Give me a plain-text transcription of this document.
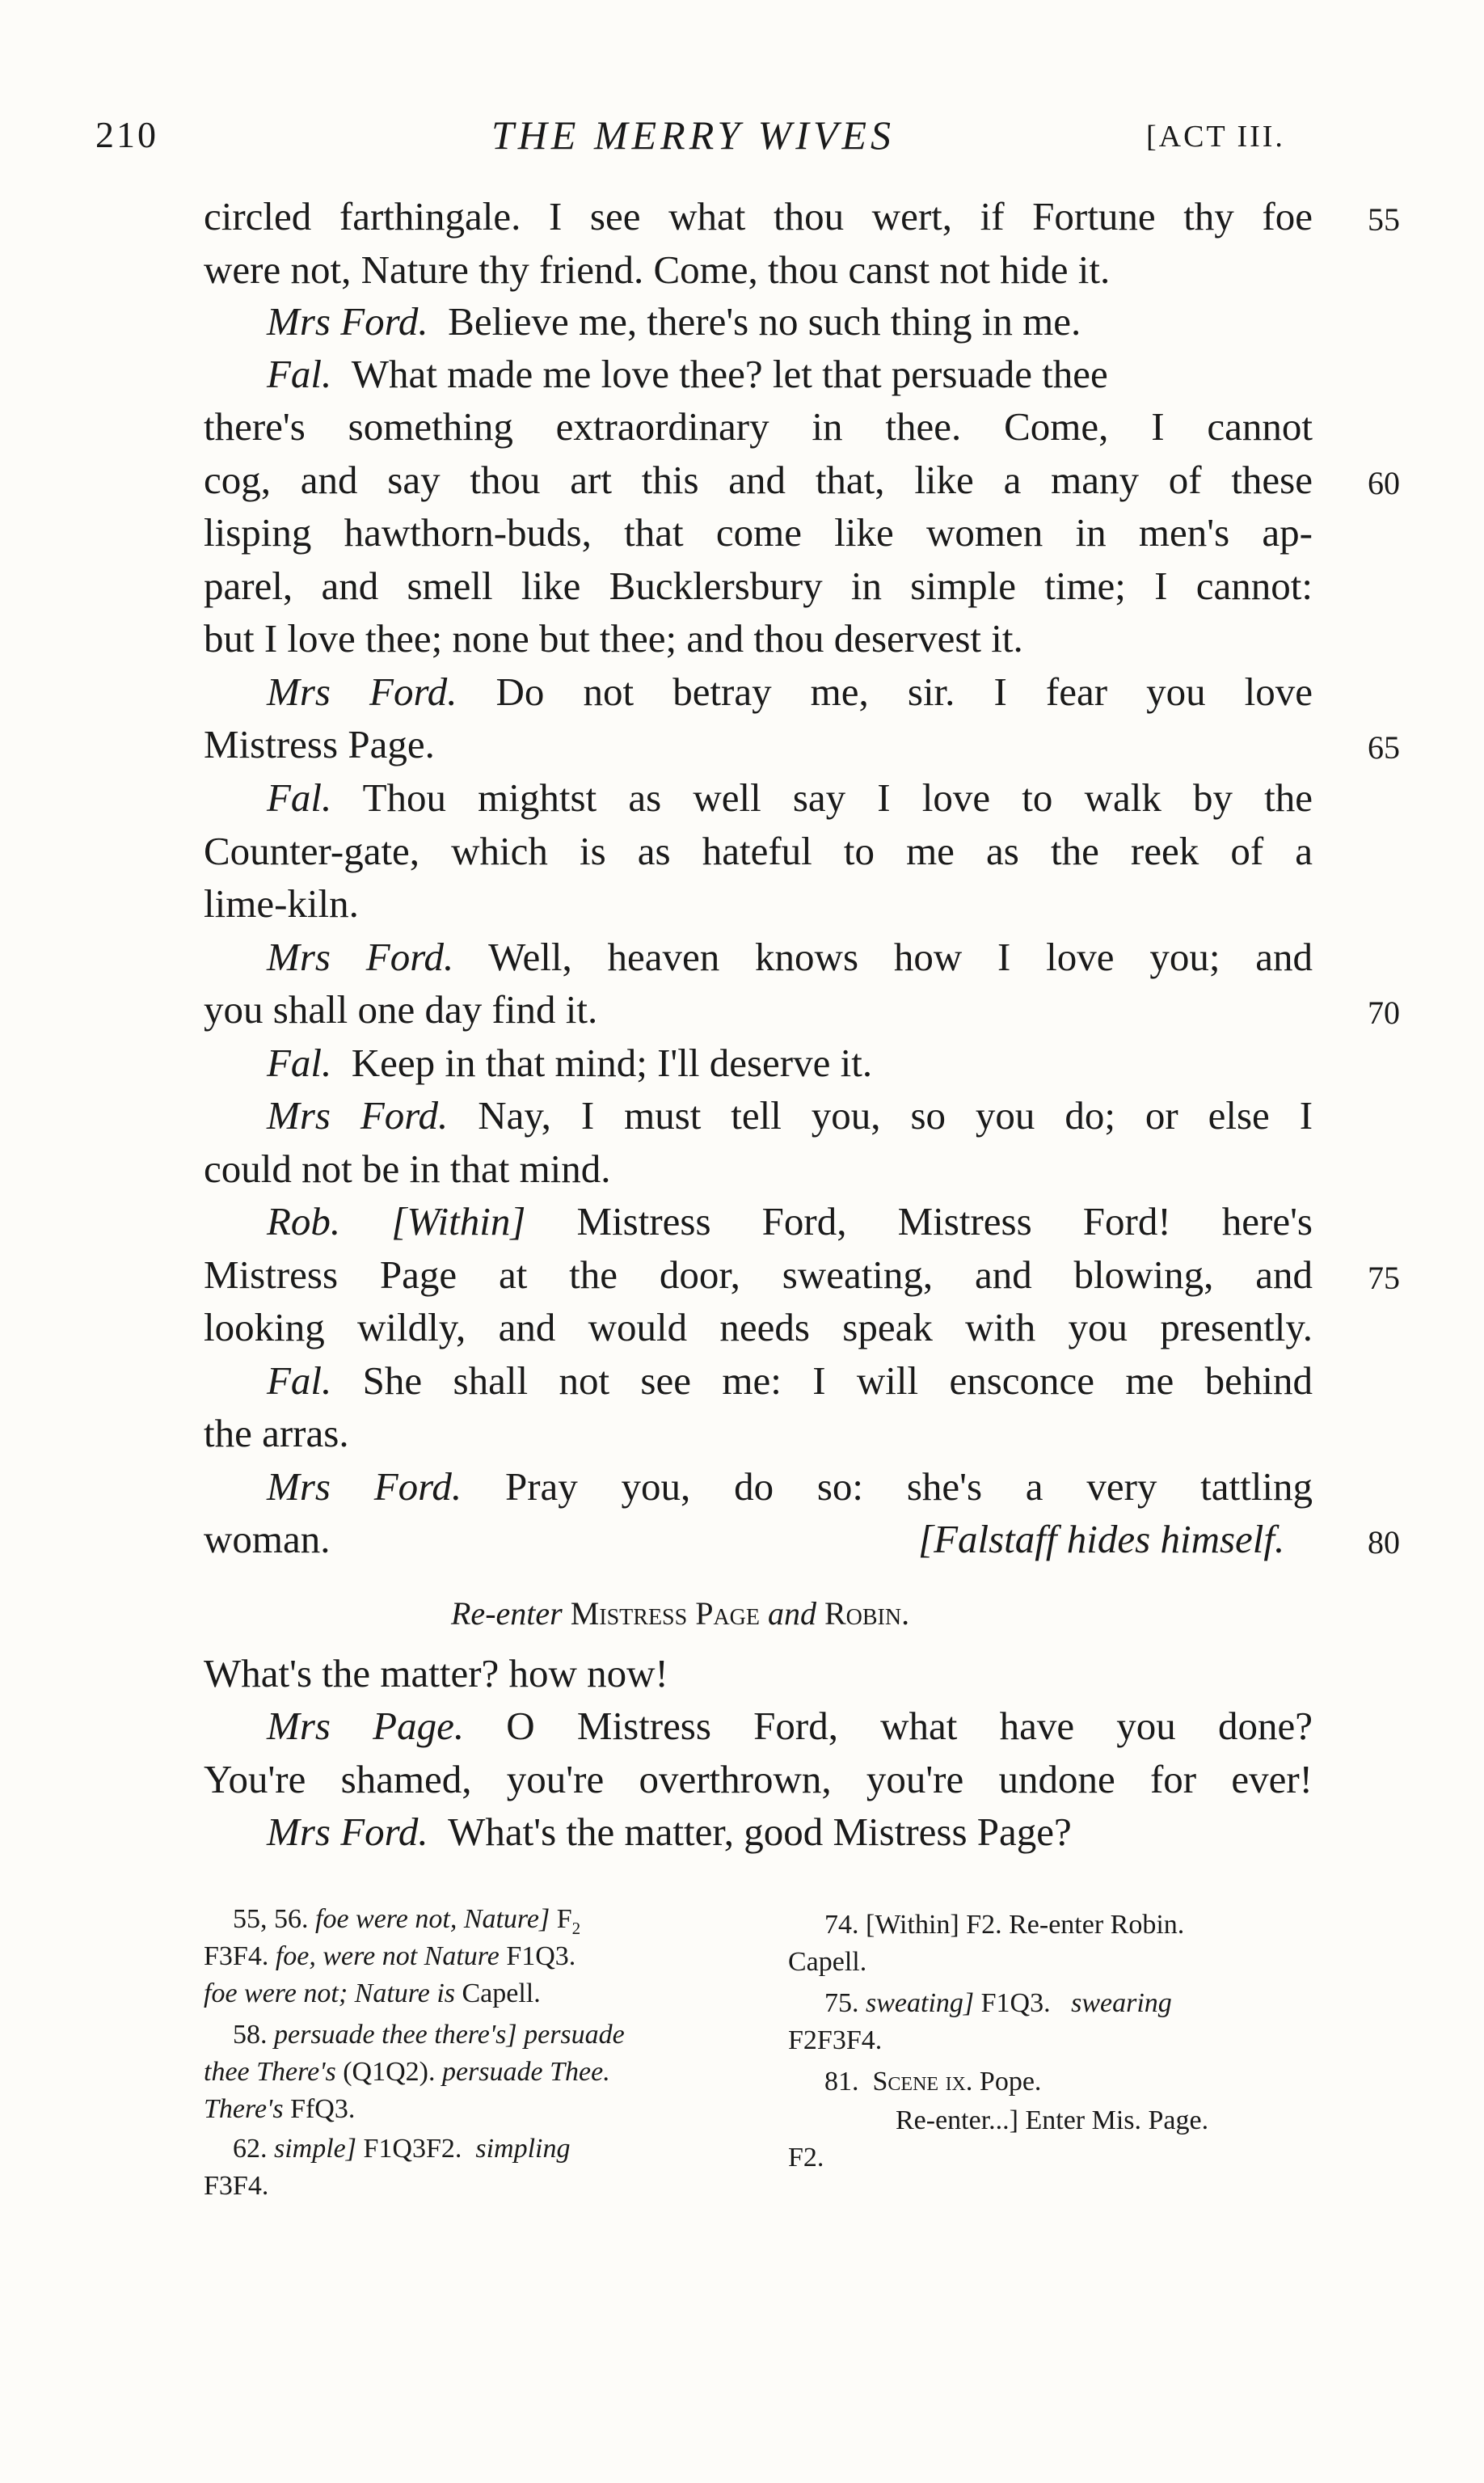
210	THE MERRY WIVES	[ACT III.
circled farthingale. I see what thou wert, if Fortune thy foe
were not, Nature thy friend. Come, thou canst not hide it.
Mrs Ford. Believe me, there's no such thing in me.
Fal. What made me love thee? let that persuade thee
there's something extraordinary in thee. Come, I cannot
cog, and say thou art this and that, like a many of these
lisping hawthorn-buds, that come like women in men's ap-
parel, and smell like Bucklersbury in simple time; I cannot:
but I love thee; none but thee; and thou deservest it.
Mrs Ford. Do not betray me, sir. I fear you love
Mistress Page.
Fal. Thou mightst as well say I love to walk by the
Counter-gate, which is as hateful to me as the reek of a
lime-kiln.
Mrs Ford. Well, heaven knows how I love you; and
you shall one day find it.
Fal. Keep in that mind; I'll deserve it.
Mrs Ford. Nay, I must tell you, so you do; or else I
could not be in that mind.
Rob. [Within] Mistress Ford, Mistress Ford! here's
Mistress Page at the door, sweating, and blowing, and
looking wildly, and would needs speak with you presently.
Fal. She shall not see me: I will ensconce me behind
the arras.
Mrs Ford. Pray you, do so: she's a very tattling
woman.	[Falstaff hides himself.
Re-enter Mistress Page and Robin.
What's the matter? how now!
Mrs Page. O Mistress Ford, what have you done?
You're shamed, you're overthrown, you're undone for ever!
Mrs Ford. What's the matter, good Mistress Page?
55
60
65
70
75
80
55, 56. foe were not, Nature] $F_2$
F3F4. foe, were not Nature F1Q3.
foe were not; Nature is Capell.
58. persuade thee there's] persuade
thee There's (Q1Q2). persuade Thee.
There's FfQ3.
62. simple] F1Q3F2. simpling
F3F4.
74. [Within] F2. Re-enter Robin.
Capell.
75. sweating] F1Q3. swearing
F2F3F4.
81. Scene ix. Pope.
Re-enter...] Enter Mis. Page.
F2.
